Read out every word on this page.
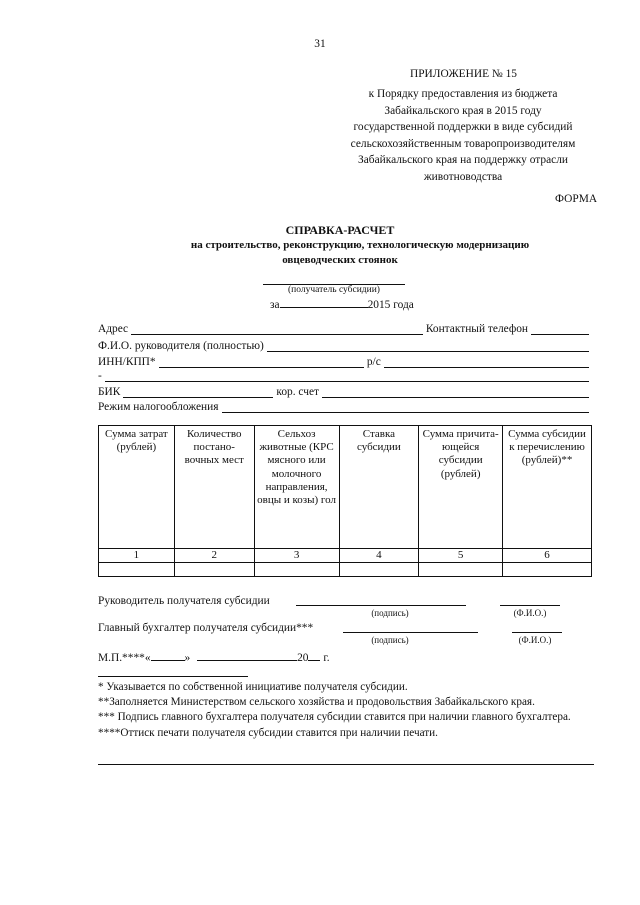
31
ПРИЛОЖЕНИЕ № 15
к Порядку предоставления из бюджета
Забайкальского края в 2015 году
государственной поддержки в виде субсидий
сельскохозяйственным товаропроизводителям
Забайкальского края на поддержку отрасли
животноводства
ФОРМА
СПРАВКА-РАСЧЕТ
на строительство, реконструкцию, технологическую модернизацию
овцеводческих стоянок
(получатель субсидии)
за	2015 года
Адрес	Контактный телефон
Ф.И.О. руководителя (полностью)
ИНН/КПП*	р/с
-
БИК	кор. счет
Режим налогообложения
Сумма затрат (рублей)	Количество постано-вочных мест	Сельхоз животные (КРС мясного или молочного направления, овцы и козы) гол	Ставка субсидии	Сумма причита-ющейся субсидии (рублей)	Сумма субсидии к перечислению (рублей)**
1	2	3	4	5	6

Руководитель получателя субсидии
(подпись)	(Ф.И.О.)
Главный бухгалтер получателя субсидии***
(подпись)	(Ф.И.О.)
М.П.****«	»	20 г.

* Указывается по собственной инициативе получателя субсидии.

**Заполняется Министерством сельского хозяйства и продовольствия Забайкальского края.

*** Подпись главного бухгалтера получателя субсидии ставится при наличии главного бухгалтера.

****Оттиск печати получателя субсидии ставится при наличии печати.
